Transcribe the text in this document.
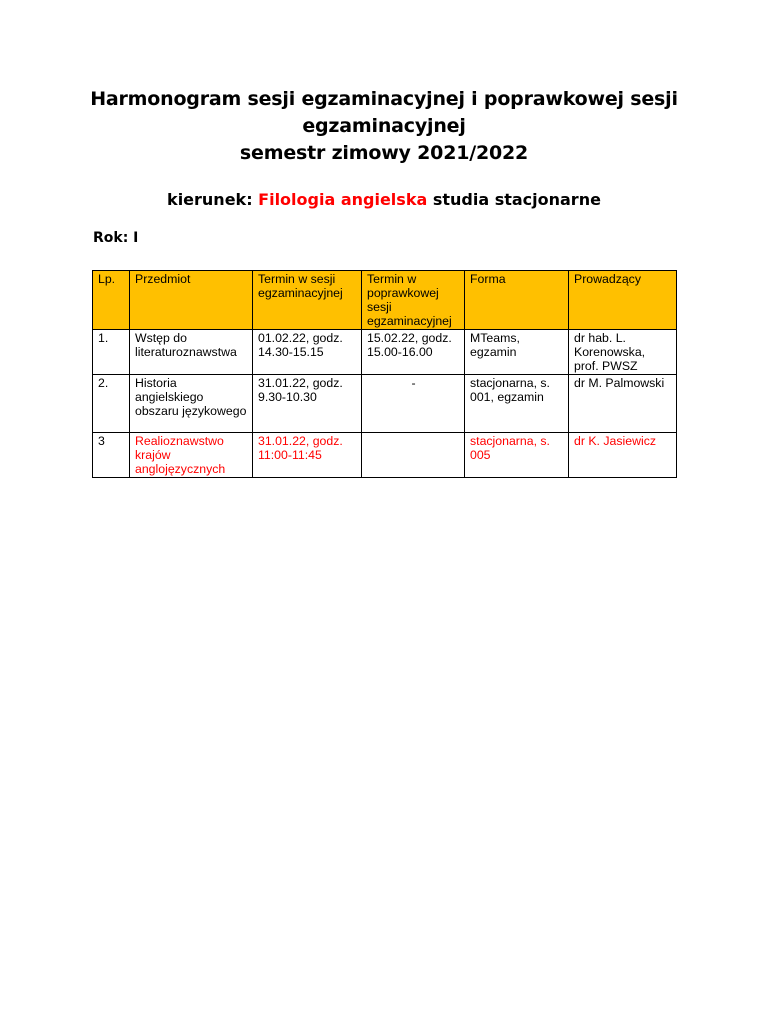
Harmonogram sesji egzaminacyjnej i poprawkowej sesji
egzaminacyjnej
semestr zimowy 2021/2022
kierunek: Filologia angielska studia stacjonarne
Rok: I
Lp.	Przedmiot	Termin w sesji egzaminacyjnej	Termin w poprawkowej sesji egzaminacyjnej	Forma	Prowadzący
1.	Wstęp do literaturoznawstwa	01.02.22, godz. 14.30-15.15	15.02.22, godz. 15.00-16.00	MTeams, egzamin	dr hab. L. Korenowska, prof. PWSZ
2.	Historia angielskiego obszaru językowego	31.01.22, godz. 9.30-10.30	-	stacjonarna, s. 001, egzamin	dr M. Palmowski
3	Realioznawstwo krajów anglojęzycznych	31.01.22, godz. 11:00-11:45		stacjonarna, s. 005	dr K. Jasiewicz
